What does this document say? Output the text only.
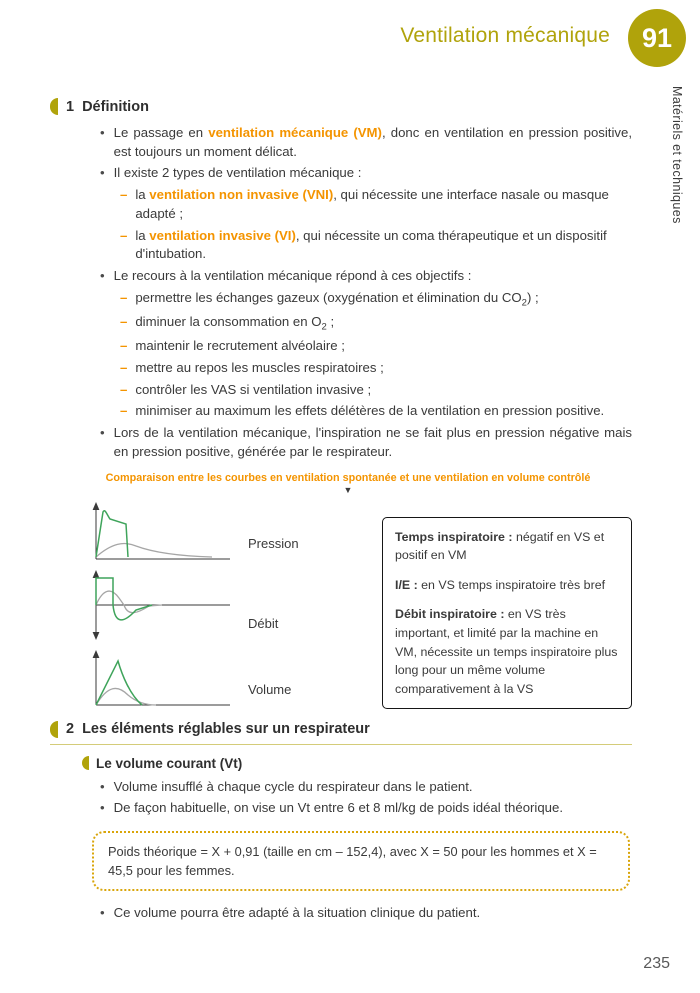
Ventilation mécanique 91
Matériels et techniques
1 Définition
• Le passage en ventilation mécanique (VM), donc en ventilation en pression positive, est toujours un moment délicat.
• Il existe 2 types de ventilation mécanique :
– la ventilation non invasive (VNI), qui nécessite une interface nasale ou masque adapté ;
– la ventilation invasive (VI), qui nécessite un coma thérapeutique et un dispositif d'intubation.
• Le recours à la ventilation mécanique répond à ces objectifs :
– permettre les échanges gazeux (oxygénation et élimination du $CO_2$) ;
– diminuer la consommation en $O_2$ ;
– maintenir le recrutement alvéolaire ;
– mettre au repos les muscles respiratoires ;
– contrôler les VAS si ventilation invasive ;
– minimiser au maximum les effets délétères de la ventilation en pression positive.
• Lors de la ventilation mécanique, l'inspiration ne se fait plus en pression négative mais en pression positive, générée par le respirateur.
Comparaison entre les courbes en ventilation spontanée et une ventilation en volume contrôlé
▼
Pression
Débit
Volume

Temps inspiratoire : négatif en VS et positif en VM

I/E : en VS temps inspiratoire très bref

Débit inspiratoire : en VS très important, et limité par la machine en VM, nécessite un temps inspiratoire plus long pour un même volume comparativement à la VS

2 Les éléments réglables sur un respirateur
Le volume courant (Vt)
• Volume insufflé à chaque cycle du respirateur dans le patient.
• De façon habituelle, on vise un Vt entre 6 et 8 ml/kg de poids idéal théorique.
Poids théorique = X + 0,91 (taille en cm – 152,4), avec X = 50 pour les hommes et X = 45,5 pour les femmes.
• Ce volume pourra être adapté à la situation clinique du patient.
235
